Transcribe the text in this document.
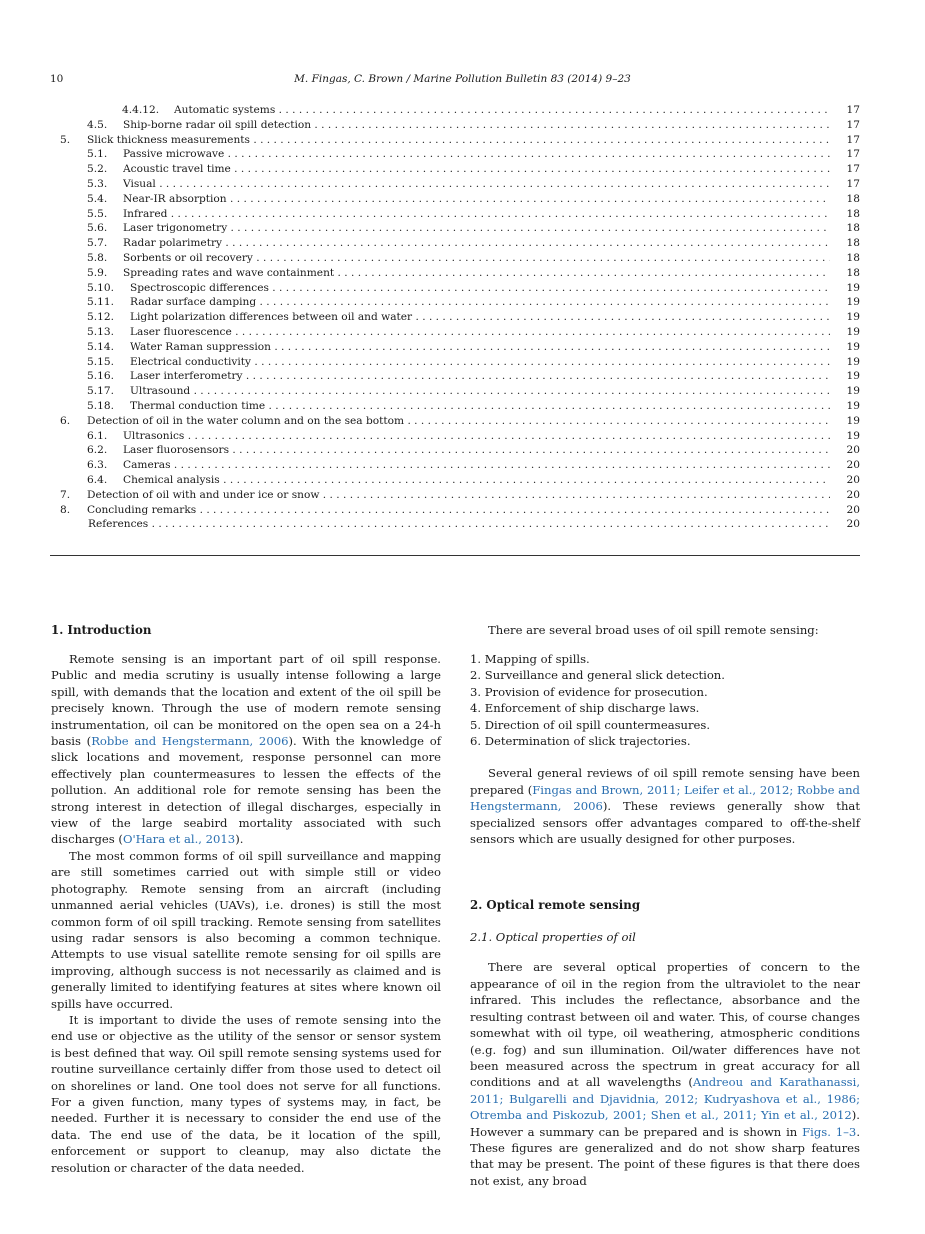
10	M. Fingas, C. Brown / Marine Pollution Bulletin 83 (2014) 9–23
4.4.12.	Automatic systems . . .	17
4.5.	Ship-borne radar oil spill detection . . .	17
5.	Slick thickness measurements . . .	17
5.1.	Passive microwave . . .	17
5.2.	Acoustic travel time . . .	17
5.3.	Visual . . .	17
5.4.	Near-IR absorption . . .	18
5.5.	Infrared . . .	18
5.6.	Laser trigonometry . . .	18
5.7.	Radar polarimetry . . .	18
5.8.	Sorbents or oil recovery . . .	18
5.9.	Spreading rates and wave containment . . .	18
5.10.	Spectroscopic differences . . .	19
5.11.	Radar surface damping . . .	19
5.12.	Light polarization differences between oil and water . . .	19
5.13.	Laser fluorescence . . .	19
5.14.	Water Raman suppression . . .	19
5.15.	Electrical conductivity . . .	19
5.16.	Laser interferometry . . .	19
5.17.	Ultrasound . . .	19
5.18.	Thermal conduction time . . .	19
6.	Detection of oil in the water column and on the sea bottom . . .	19
6.1.	Ultrasonics . . .	19
6.2.	Laser fluorosensors . . .	20
6.3.	Cameras . . .	20
6.4.	Chemical analysis . . .	20
7.	Detection of oil with and under ice or snow . . .	20
8.	Concluding remarks . . .	20
References . . .	20
1. Introduction

Remote sensing is an important part of oil spill response. Public and media scrutiny is usually intense following a large spill, with demands that the location and extent of the oil spill be precisely known. Through the use of modern remote sensing instrumentation, oil can be monitored on the open sea on a 24-h basis (Robbe and Hengstermann, 2006). With the knowledge of slick locations and movement, response personnel can more effectively plan countermeasures to lessen the effects of the pollution. An additional role for remote sensing has been the strong interest in detection of illegal discharges, especially in view of the large seabird mortality associated with such discharges (O'Hara et al., 2013).

The most common forms of oil spill surveillance and mapping are still sometimes carried out with simple still or video photography. Remote sensing from an aircraft (including unmanned aerial vehicles (UAVs), i.e. drones) is still the most common form of oil spill tracking. Remote sensing from satellites using radar sensors is also becoming a common technique. Attempts to use visual satellite remote sensing for oil spills are improving, although success is not necessarily as claimed and is generally limited to identifying features at sites where known oil spills have occurred.

It is important to divide the uses of remote sensing into the end use or objective as the utility of the sensor or sensor system is best defined that way. Oil spill remote sensing systems used for routine surveillance certainly differ from those used to detect oil on shorelines or land. One tool does not serve for all functions. For a given function, many types of systems may, in fact, be needed. Further it is necessary to consider the end use of the data. The end use of the data, be it location of the spill, enforcement or support to cleanup, may also dictate the resolution or character of the data needed.

There are several broad uses of oil spill remote sensing:

1. Mapping of spills.
2. Surveillance and general slick detection.
3. Provision of evidence for prosecution.
4. Enforcement of ship discharge laws.
5. Direction of oil spill countermeasures.
6. Determination of slick trajectories.

Several general reviews of oil spill remote sensing have been prepared (Fingas and Brown, 2011; Leifer et al., 2012; Robbe and Hengstermann, 2006). These reviews generally show that specialized sensors offer advantages compared to off-the-shelf sensors which are usually designed for other purposes.

2. Optical remote sensing
2.1. Optical properties of oil

There are several optical properties of concern to the appearance of oil in the region from the ultraviolet to the near infrared. This includes the reflectance, absorbance and the resulting contrast between oil and water. This, of course changes somewhat with oil type, oil weathering, atmospheric conditions (e.g. fog) and sun illumination. Oil/water differences have not been measured across the spectrum in great accuracy for all conditions and at all wavelengths (Andreou and Karathanassi, 2011; Bulgarelli and Djavidnia, 2012; Kudryashova et al., 1986; Otremba and Piskozub, 2001; Shen et al., 2011; Yin et al., 2012). However a summary can be prepared and is shown in Figs. 1–3. These figures are generalized and do not show sharp features that may be present. The point of these figures is that there does not exist, any broad
